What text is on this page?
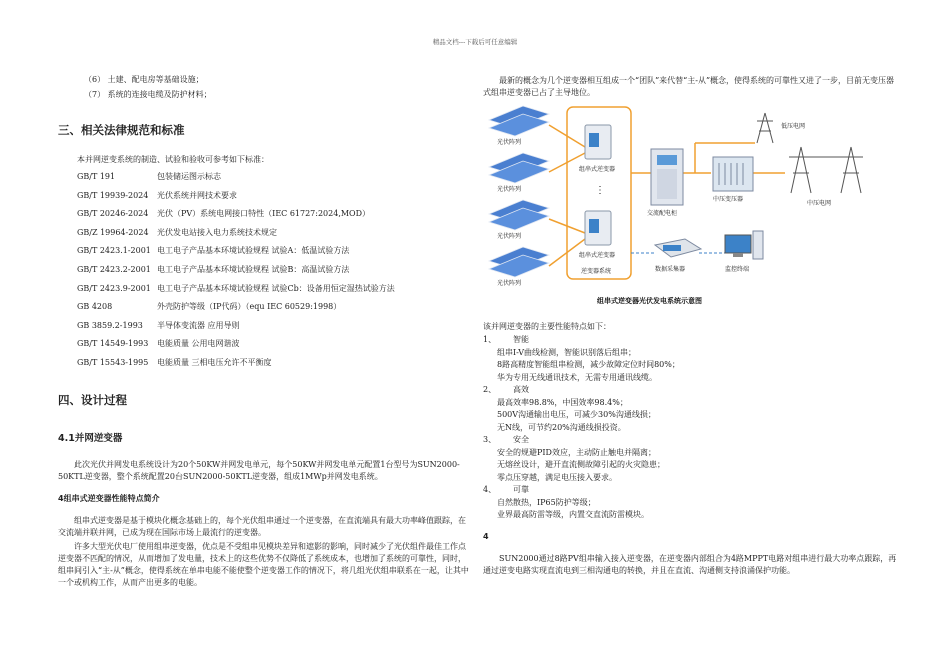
精品文档---下载后可任意编辑
（6） 土建、配电房等基础设施；
（7） 系统的连接电缆及防护材料；
三、相关法律规范和标准
本并网逆变系统的制造、试验和验收可参考如下标准：
GB/T 191	包装储运图示标志
GB/T 19939-2024 光伏系统并网技术要求
GB/T 20246-2024 光伏（PV）系统电网接口特性（IEC 61727:2024,MOD）
GB/Z 19964-2024 光伏发电站接入电力系统技术规定
GB/T 2423.1-2001 电工电子产品基本环境试验规程 试验A：低温试验方法
GB/T 2423.2-2001 电工电子产品基本环境试验规程 试验B：高温试验方法
GB/T 2423.9-2001 电工电子产品基本环境试验规程 试验Cb：设备用恒定湿热试验方法
GB 4208	外壳防护等级（IP代码）（equ IEC 60529:1998）
GB 3859.2-1993 半导体变流器 应用导则
GB/T 14549-1993 电能质量 公用电网谐波
GB/T 15543-1995 电能质量 三相电压允许不平衡度
四、设计过程
4.1并网逆变器
此次光伏并网发电系统设计为20个50KW并网发电单元，每个50KW并网发电单元配置1台型号为SUN2000-50KTL逆变器，整个系统配置20台SUN2000-50KTL逆变器，组成1MWp并网发电系统。
4组串式逆变器性能特点简介
组串式逆变器是基于模块化概念基础上的，每个光伏组串通过一个逆变器，在直流端具有最大功率峰值跟踪，在交流端并联并网，已成为现在国际市场上最流行的逆变器。
许多大型光伏电厂使用组串逆变器，优点是不受组串见模块差异和遮影的影响，同时减少了光伏组件最佳工作点逆变器不匹配的情况，从而增加了发电量，技术上的这些优势不仅降低了系统成本，也增加了系统的可靠性，同时，组串间引入“主-从”概念，使得系统在单串电能不能使整个逆变器工作的情况下，将几组光伏组串联系在一起，让其中一个或机构工作，从而产出更多的电能。
最新的概念为几个逆变器相互组成一个“团队”来代替“主-从”概念，使得系统的可靠性又进了一步，目前无变压器式组串逆变器已占了主导地位。
光伏阵列
光伏阵列
光伏阵列
光伏阵列
组串式逆变器
⋮
组串式逆变器
逆变器系统
交流配电柜
低压电网
中压变压器
中压电网
数据采集器	监控终端
组串式逆变器光伏发电系统示意图
该并网逆变器的主要性能特点如下：
1、 智能
组串I-V曲线检测，智能识别落后组串；
8路高精度智能组串检测，减少故障定位时间80%；
华为专用无线通讯技术，无需专用通讯线缆。
2、 高效
最高效率98.8%，中国效率98.4%；
500V沟通输出电压，可减少30%沟通线损；
无N线，可节约20%沟通线损投资。
3、 安全
安全的规避PID效应，主动防止触电并隔离；
无熔丝设计，避开直流侧故障引起的火灾隐患；
零点压穿越，满足电压接入要求。
4、 可靠
自然散热，IP65防护等级；
业界最高防雷等级，内置交直流防雷模块。
4
SUN2000通过8路PV组串输入接入逆变器，在逆变器内部组合为4路MPPT电路对组串进行最大功率点跟踪，再通过逆变电路实现直流电到三相沟通电的转换，并且在直流、沟通侧支持浪涌保护功能。
